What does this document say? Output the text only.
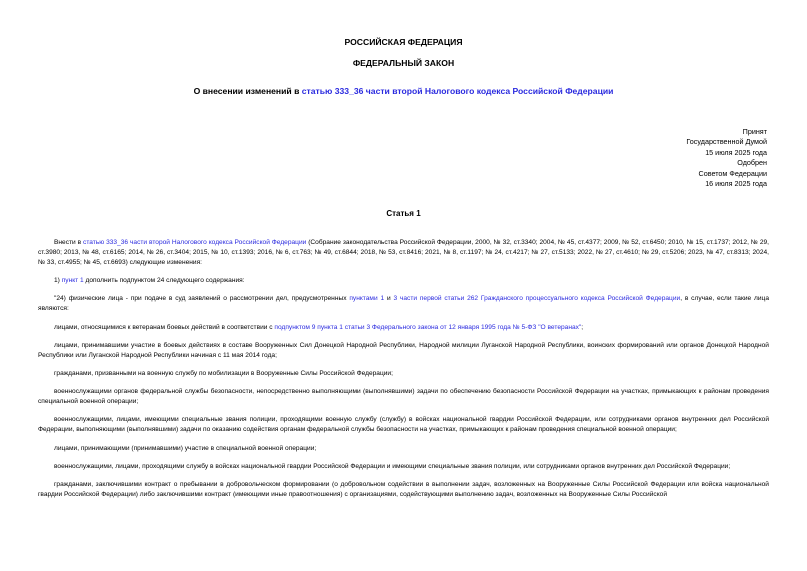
РОССИЙСКАЯ ФЕДЕРАЦИЯ
ФЕДЕРАЛЬНЫЙ ЗАКОН
О внесении изменений в статью 333_36 части второй Налогового кодекса Российской Федерации
Принят
Государственной Думой
15 июля 2025 года
Одобрен
Советом Федерации
16 июля 2025 года
Статья 1

Внести в статью 333_36 части второй Налогового кодекса Российской Федерации (Собрание законодательства Российской Федерации, 2000, № 32, ст.3340; 2004, № 45, ст.4377; 2009, № 52, ст.6450; 2010, № 15, ст.1737; 2012, № 29, ст.3980; 2013, № 48, ст.6165; 2014, № 26, ст.3404; 2015, № 10, ст.1393; 2016, № 6, ст.763; № 49, ст.6844; 2018, № 53, ст.8416; 2021, № 8, ст.1197; № 24, ст.4217; № 27, ст.5133; 2022, № 27, ст.4610; № 29, ст.5206; 2023, № 47, ст.8313; 2024, № 33, ст.4955; № 45, ст.6693) следующие изменения:

1) пункт 1 дополнить подпунктом 24 следующего содержания:

"24) физические лица - при подаче в суд заявлений о рассмотрении дел, предусмотренных пунктами 1 и 3 части первой статьи 262 Гражданского процессуального кодекса Российской Федерации, в случае, если такие лица являются:

лицами, относящимися к ветеранам боевых действий в соответствии с подпунктом 9 пункта 1 статьи 3 Федерального закона от 12 января 1995 года № 5-ФЗ "О ветеранах";

лицами, принимавшими участие в боевых действиях в составе Вооруженных Сил Донецкой Народной Республики, Народной милиции Луганской Народной Республики, воинских формирований или органов Донецкой Народной Республики или Луганской Народной Республики начиная с 11 мая 2014 года;

гражданами, призванными на военную службу по мобилизации в Вооруженные Силы Российской Федерации;

военнослужащими органов федеральной службы безопасности, непосредственно выполняющими (выполнявшими) задачи по обеспечению безопасности Российской Федерации на участках, примыкающих к районам проведения специальной военной операции;

военнослужащими, лицами, имеющими специальные звания полиции, проходящими военную службу (службу) в войсках национальной гвардии Российской Федерации, или сотрудниками органов внутренних дел Российской Федерации, выполняющими (выполнявшими) задачи по оказанию содействия органам федеральной службы безопасности на участках, примыкающих к районам проведения специальной военной операции;

лицами, принимающими (принимавшими) участие в специальной военной операции;

военнослужащими, лицами, проходящими службу в войсках национальной гвардии Российской Федерации и имеющими специальные звания полиции, или сотрудниками органов внутренних дел Российской Федерации;

гражданами, заключившими контракт о пребывании в добровольческом формировании (о добровольном содействии в выполнении задач, возложенных на Вооруженные Силы Российской Федерации или войска национальной гвардии Российской Федерации) либо заключившими контракт (имеющими иные правоотношения) с организациями, содействующими выполнению задач, возложенных на Вооруженные Силы Российской
